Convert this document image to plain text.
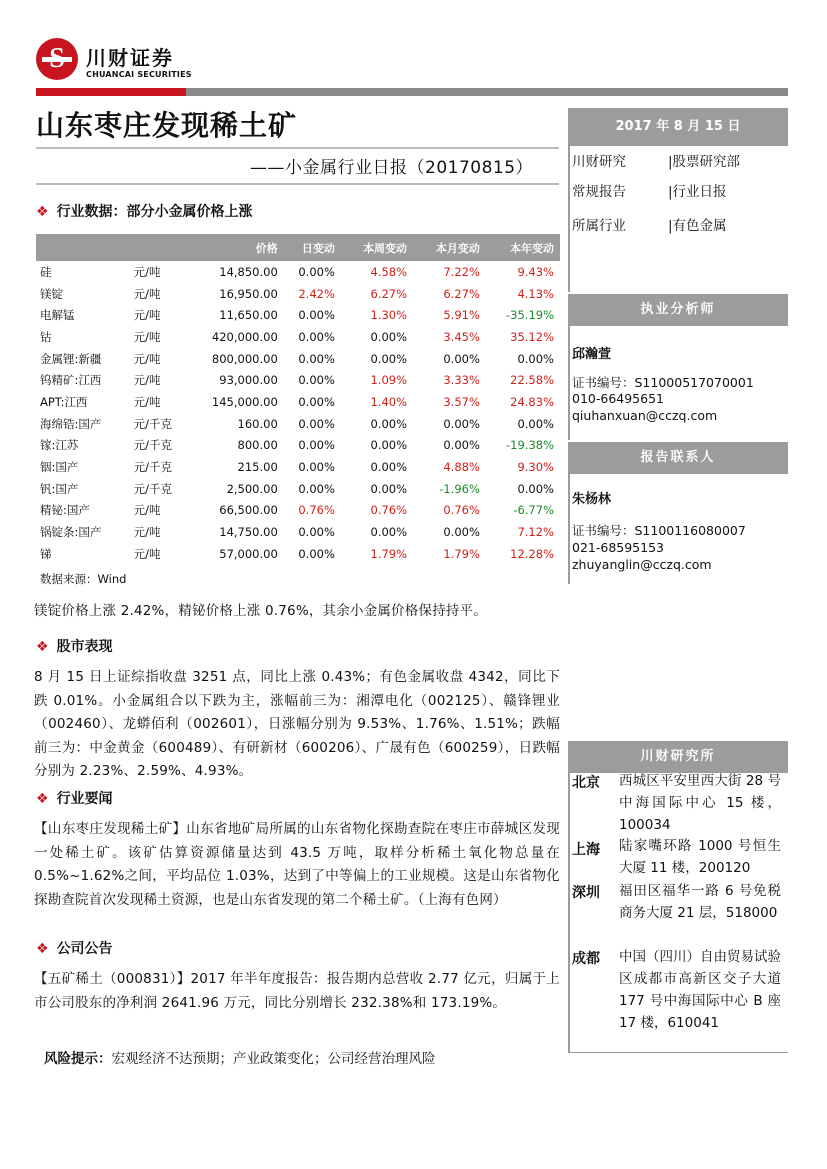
S	川财证券
CHUANCAI SECURITIES
山东枣庄发现稀土矿
——小金属行业日报（20170815）
❖ 行业数据：部分小金属价格上涨
		价格	日变动	本周变动	本月变动	本年变动
硅	元/吨	14,850.00	0.00%	4.58%	7.22%	9.43%
镁锭	元/吨	16,950.00	2.42%	6.27%	6.27%	4.13%
电解锰	元/吨	11,650.00	0.00%	1.30%	5.91%	-35.19%
钴	元/吨	420,000.00	0.00%	0.00%	3.45%	35.12%
金属锂:新疆	元/吨	800,000.00	0.00%	0.00%	0.00%	0.00%
钨精矿:江西	元/吨	93,000.00	0.00%	1.09%	3.33%	22.58%
APT:江西	元/吨	145,000.00	0.00%	1.40%	3.57%	24.83%
海绵锆:国产	元/千克	160.00	0.00%	0.00%	0.00%	0.00%
镓:江苏	元/千克	800.00	0.00%	0.00%	0.00%	-19.38%
铟:国产	元/千克	215.00	0.00%	0.00%	4.88%	9.30%
钒:国产	元/千克	2,500.00	0.00%	0.00%	-1.96%	0.00%
精铋:国产	元/吨	66,500.00	0.76%	0.76%	0.76%	-6.77%
锅锭条:国产	元/吨	14,750.00	0.00%	0.00%	0.00%	7.12%
锑	元/吨	57,000.00	0.00%	1.79%	1.79%	12.28%
数据来源：Wind
镁锭价格上涨 2.42%，精铋价格上涨 0.76%，其余小金属价格保持持平。
❖ 股市表现
8 月 15 日上证综指收盘 3251 点，同比上涨 0.43%；有色金属收盘 4342，同比下跌 0.01%。小金属组合以下跌为主，涨幅前三为：湘潭电化（002125）、赣锋锂业（002460）、龙蟒佰利（002601），日涨幅分别为 9.53%、1.76%、1.51%；跌幅前三为：中金黄金（600489）、有研新材（600206）、广晟有色（600259），日跌幅分别为 2.23%、2.59%、4.93%。
❖ 行业要闻
【山东枣庄发现稀土矿】山东省地矿局所属的山东省物化探勘查院在枣庄市薛城区发现一处稀土矿。该矿估算资源储量达到 43.5 万吨，取样分析稀土氧化物总量在 0.5%~1.62%之间，平均品位 1.03%，达到了中等偏上的工业规模。这是山东省物化探勘查院首次发现稀土资源，也是山东省发现的第二个稀土矿。（上海有色网）
❖ 公司公告
【五矿稀土（000831）】2017 年半年度报告：报告期内总营收 2.77 亿元，归属于上市公司股东的净利润 2641.96 万元，同比分别增长 232.38%和 173.19%。
风险提示：宏观经济不达预期；产业政策变化；公司经营治理风险
2017 年 8 月 15 日
川财研究	|股票研究部
常规报告	|行业日报
所属行业	|有色金属
执业分析师
邱瀚萱
证书编号：S11000517070001
010-66495651
qiuhanxuan@cczq.com
报告联系人
朱杨林
证书编号：S1100116080007
021-68595153
zhuyanglin@cczq.com
川财研究所
北京 西城区平安里西大街 28 号中海国际中心 15 楼，100034
上海 陆家嘴环路 1000 号恒生大厦 11 楼，200120
深圳 福田区福华一路 6 号免税商务大厦 21 层，518000
成都 中国（四川）自由贸易试验区成都市高新区交子大道 177 号中海国际中心 B 座 17 楼，610041
